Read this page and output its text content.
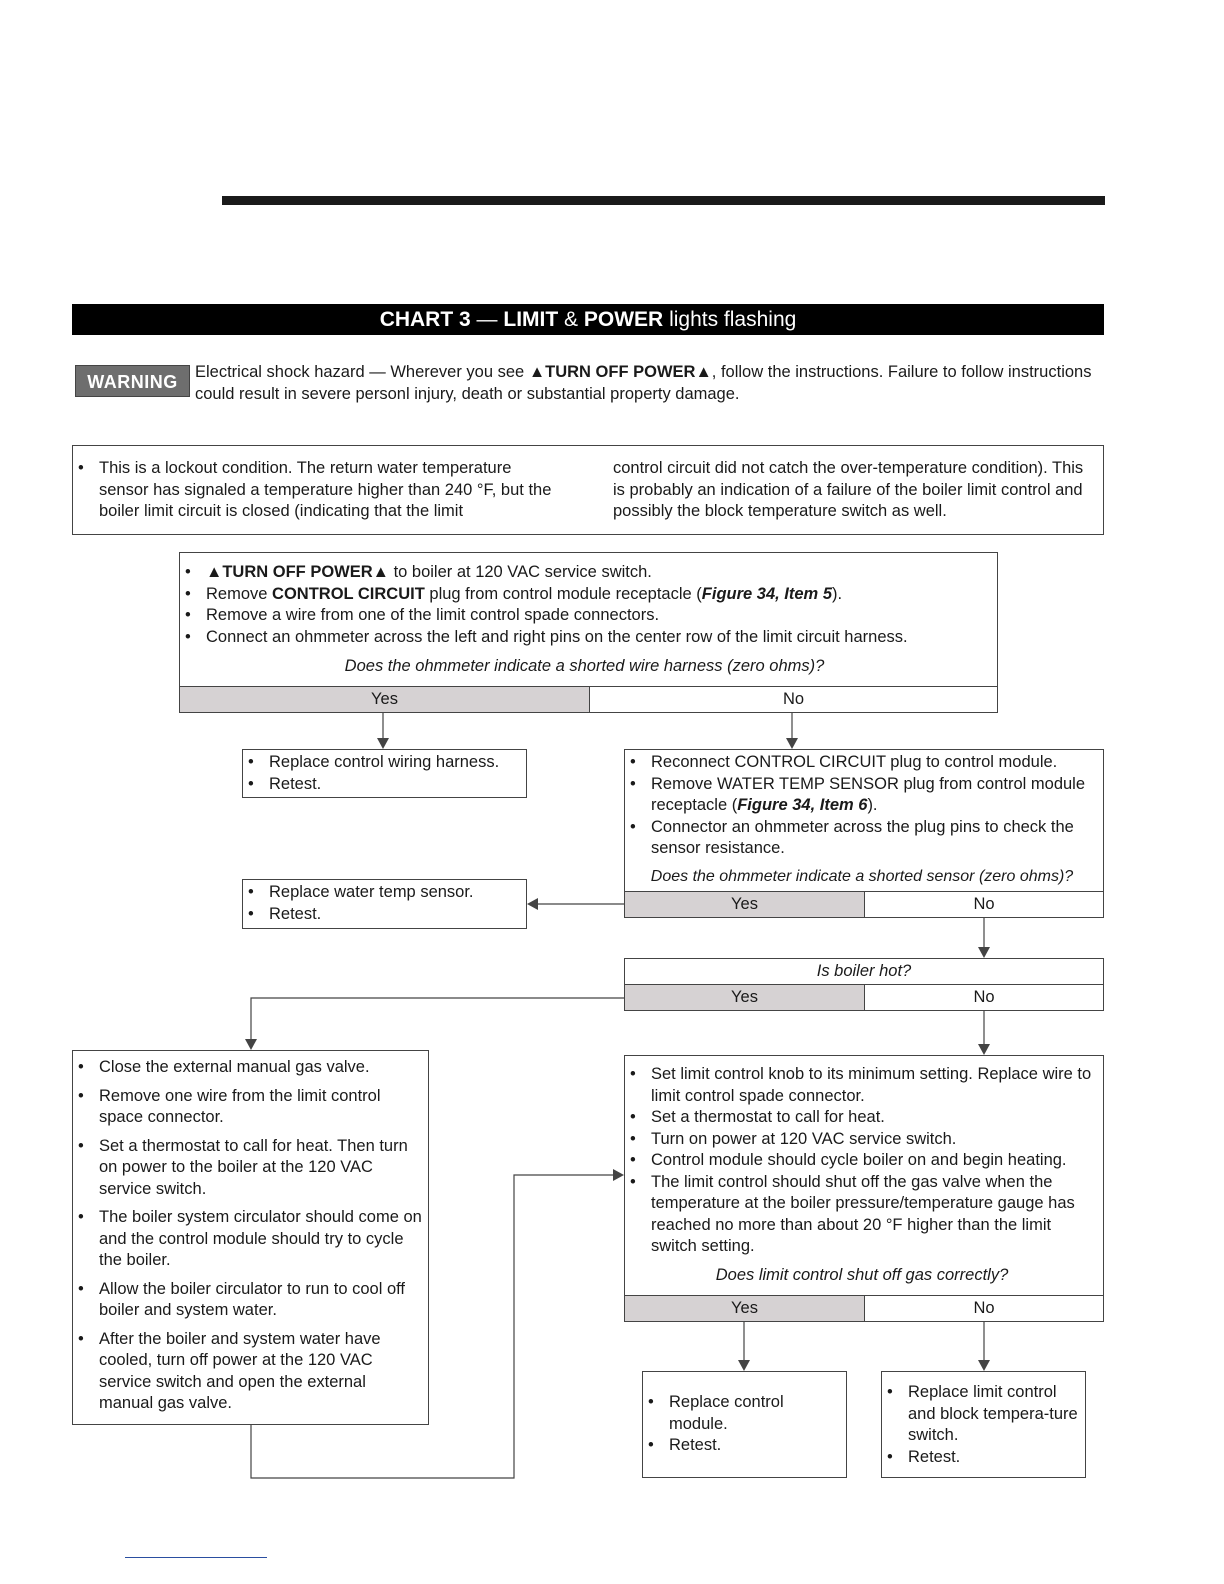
CHART 3 — LIMIT & POWER lights flashing
WARNING	Electrical shock hazard — Wherever you see ▲TURN OFF POWER▲, follow the instructions. Failure to follow instructions could result in severe personl injury, death or substantial property damage.
• This is a lockout condition. The return water temperature sensor has signaled a temperature higher than 240 °F, but the boiler limit circuit is closed (indicating that the limit
control circuit did not catch the over-temperature condition). This is probably an indication of a failure of the boiler limit control and possibly the block temperature switch as well.
• ▲TURN OFF POWER▲ to boiler at 120 VAC service switch.
• Remove CONTROL CIRCUIT plug from control module receptacle (Figure 34, Item 5).
• Remove a wire from one of the limit control spade connectors.
• Connect an ohmmeter across the left and right pins on the center row of the limit circuit harness.
Does the ohmmeter indicate a shorted wire harness (zero ohms)?
Yes	No
• Replace control wiring harness.
• Retest.
• Reconnect CONTROL CIRCUIT plug to control module.
• Remove WATER TEMP SENSOR plug from control module receptacle (Figure 34, Item 6).
• Connector an ohmmeter across the plug pins to check the sensor resistance.
Does the ohmmeter indicate a shorted sensor (zero ohms)?
Yes	No
• Replace water temp sensor.
• Retest.
Is boiler hot?
Yes	No
• Close the external manual gas valve.
• Remove one wire from the limit control space connector.
• Set a thermostat to call for heat. Then turn on power to the boiler at the 120 VAC service switch.
• The boiler system circulator should come on and the control module should try to cycle the boiler.
• Allow the boiler circulator to run to cool off boiler and system water.
• After the boiler and system water have cooled, turn off power at the 120 VAC service switch and open the external manual gas valve.
• Set limit control knob to its minimum setting. Replace wire to limit control spade connector.
• Set a thermostat to call for heat.
• Turn on power at 120 VAC service switch.
• Control module should cycle boiler on and begin heating.
• The limit control should shut off the gas valve when the temperature at the boiler pressure/temperature gauge has reached no more than about 20 °F higher than the limit switch setting.
Does limit control shut off gas correctly?
Yes	No
• Replace control module.
• Retest.
• Replace limit control and block tempera-ture switch.
• Retest.
